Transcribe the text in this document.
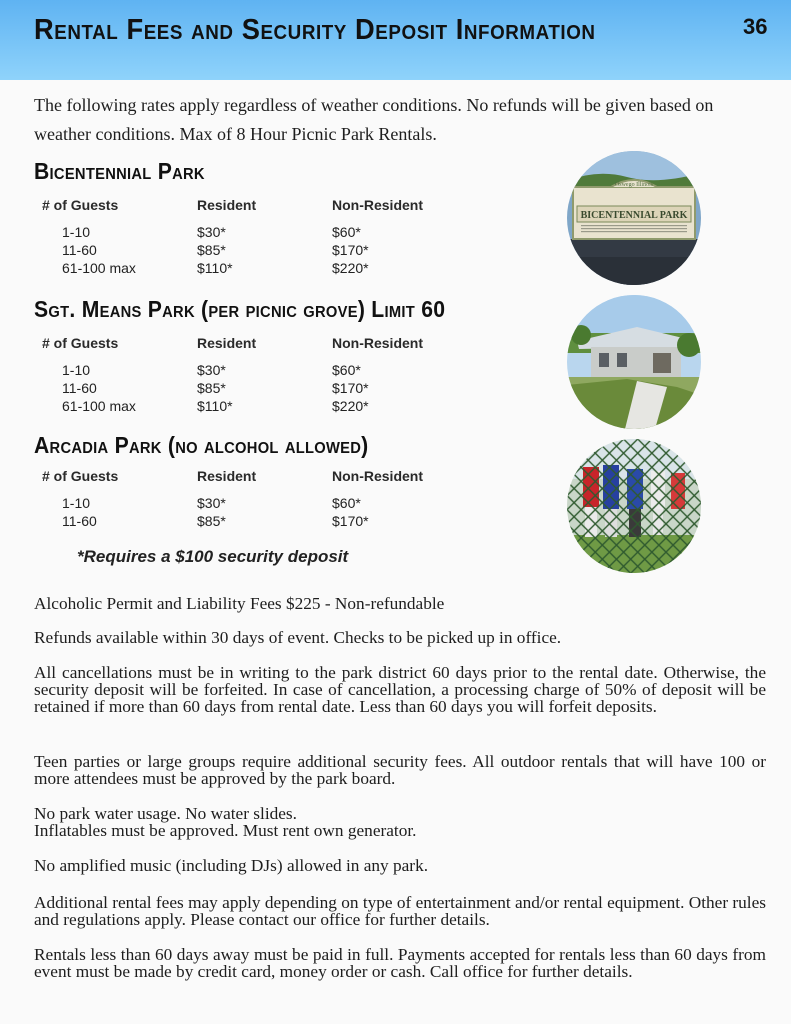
Rental Fees and Security Deposit Information	36
The following rates apply regardless of weather conditions. No refunds will be given based on weather conditions. Max of 8 Hour Picnic Park Rentals.
Bicentennial Park
# of Guests	Resident	Non-Resident
1-10	$30*	$60*
11-60	$85*	$170*
61-100 max	$110*	$220*
Oswego Illinois
BICENTENNIAL PARK
Sgt. Means Park (per picnic grove) Limit 60
# of Guests	Resident	Non-Resident
1-10	$30*	$60*
11-60	$85*	$170*
61-100 max	$110*	$220*
Arcadia Park (no alcohol allowed)
# of Guests	Resident	Non-Resident
1-10	$30*	$60*
11-60	$85*	$170*
*Requires a $100 security deposit
Alcoholic Permit and Liability Fees $225 - Non-refundable
Refunds available within 30 days of event. Checks to be picked up in office.
All cancellations must be in writing to the park district 60 days prior to the rental date. Otherwise, the security deposit will be forfeited. In case of cancellation, a processing charge of 50% of deposit will be retained if more than 60 days from rental date. Less than 60 days you will forfeit deposits.
Teen parties or large groups require additional security fees. All outdoor rentals that will have 100 or more attendees must be approved by the park board.
No park water usage. No water slides.
Inflatables must be approved. Must rent own generator.
No amplified music (including DJs) allowed in any park.
Additional rental fees may apply depending on type of entertainment and/or rental equipment. Other rules and regulations apply. Please contact our office for further details.
Rentals less than 60 days away must be paid in full. Payments accepted for rentals less than 60 days from event must be made by credit card, money order or cash. Call office for further details.
